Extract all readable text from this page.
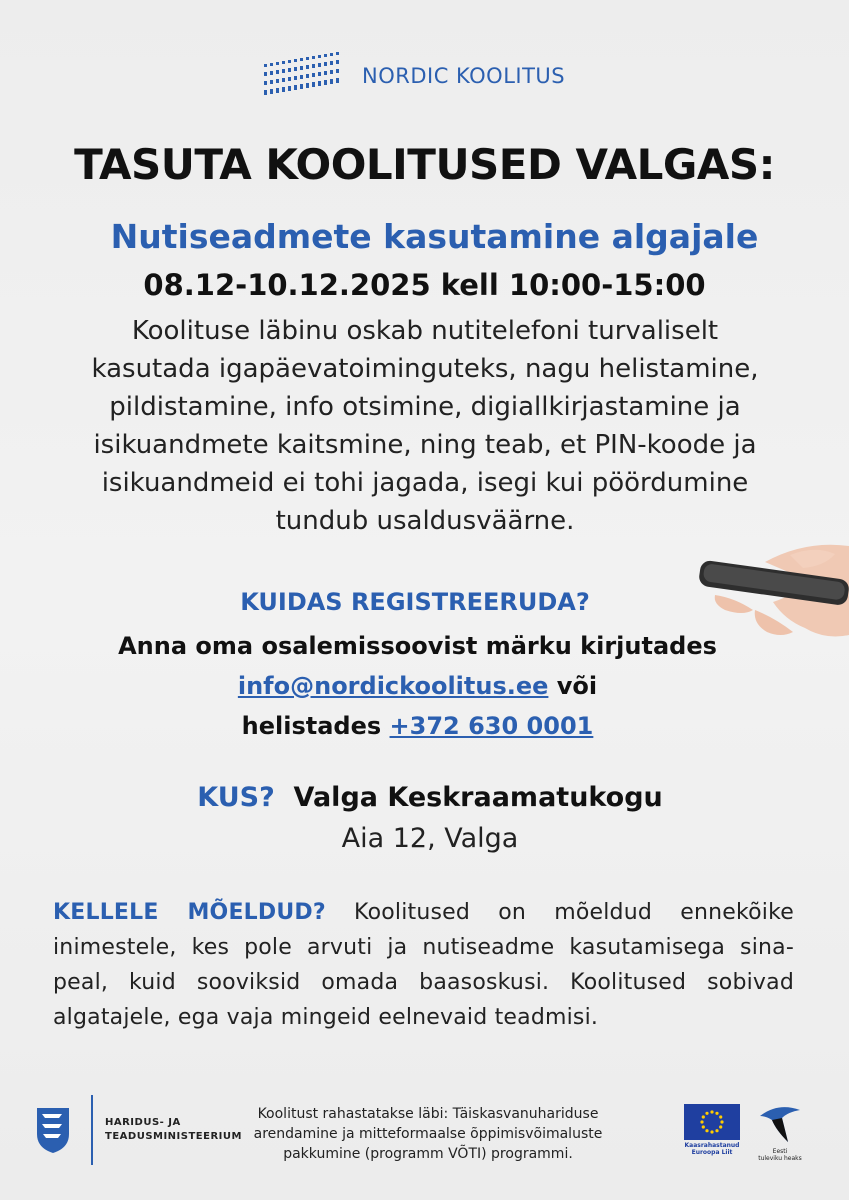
NORDIC KOOLITUS
TASUTA KOOLITUSED VALGAS:
Nutiseadmete kasutamine algajale
08.12-10.12.2025 kell 10:00-15:00
Koolituse läbinu oskab nutitelefoni turvaliselt
kasutada igapäevatoiminguteks, nagu helistamine,
pildistamine, info otsimine, digiallkirjastamine ja
isikuandmete kaitsmine, ning teab, et PIN-koode ja
isikuandmeid ei tohi jagada, isegi kui pöördumine
tundub usaldusväärne.
KUIDAS REGISTREERUDA?
Anna oma osalemissoovist märku kirjutades
info@nordickoolitus.ee või
helistades +372 630 0001
KUS? Valga Keskraamatukogu
Aia 12, Valga
KELLELE MÕELDUD? Koolitused on mõeldud ennekõike inimestele, kes pole arvuti ja nutiseadme kasutamisega sina-peal, kuid sooviksid omada baasoskusi. Koolitused sobivad algatajele, ega vaja mingeid eelnevaid teadmisi.
HARIDUS- JA
TEADUSMINISTEERIUM
Koolitust rahastatakse läbi: Täiskasvanuhariduse
arendamine ja mitteformaalse õppimisvõimaluste
pakkumine (programm VÕTI) programmi.
Kaasrahastanud
Euroopa Liit	Eesti
tuleviku heaks
